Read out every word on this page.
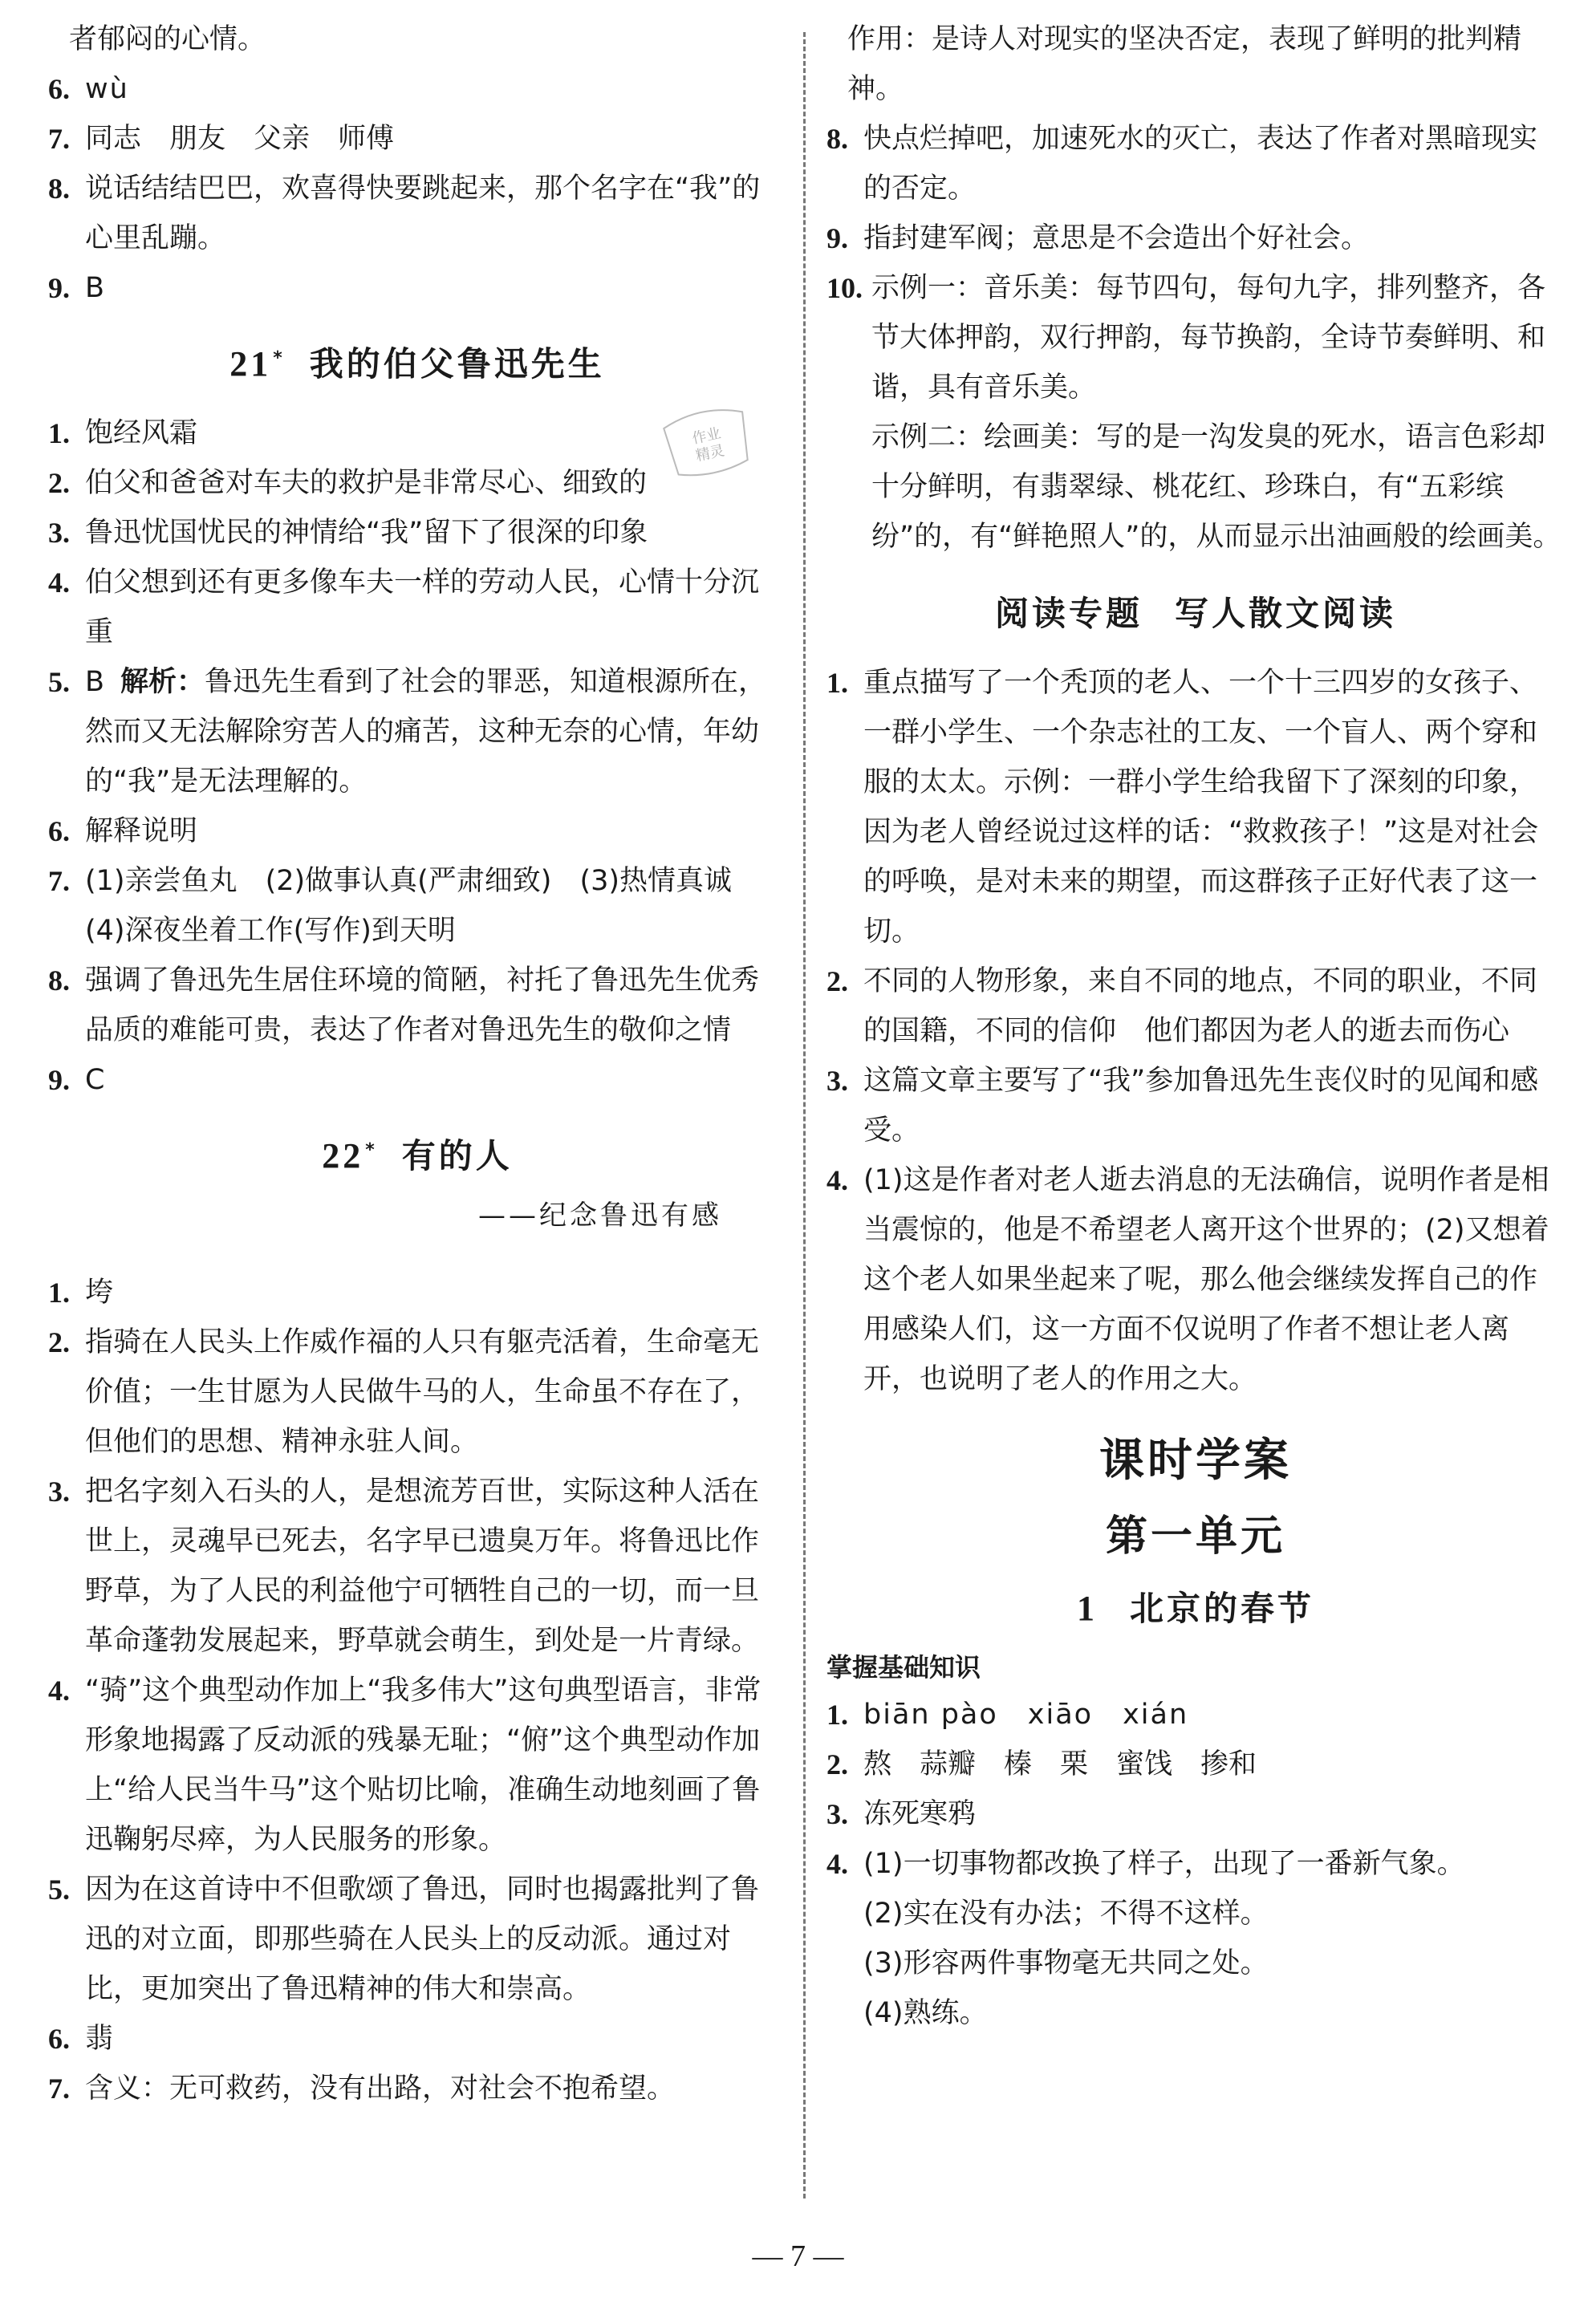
者郁闷的心情。

6. wù

7. 同志　朋友　父亲　师傅

8. 说话结结巴巴，欢喜得快要跳起来，那个名字在“我”的心里乱蹦。

9. B

21* 我的伯父鲁迅先生

1. 饱经风霜

2. 伯父和爸爸对车夫的救护是非常尽心、细致的

3. 鲁迅忧国忧民的神情给“我”留下了很深的印象

4. 伯父想到还有更多像车夫一样的劳动人民，心情十分沉重

5. B 解析：鲁迅先生看到了社会的罪恶，知道根源所在，然而又无法解除穷苦人的痛苦，这种无奈的心情，年幼的“我”是无法理解的。

6. 解释说明

7. (1)亲尝鱼丸　(2)做事认真(严肃细致)　(3)热情真诚　(4)深夜坐着工作(写作)到天明

8. 强调了鲁迅先生居住环境的简陋，衬托了鲁迅先生优秀品质的难能可贵，表达了作者对鲁迅先生的敬仰之情

9. C

22* 有的人
——纪念鲁迅有感

1. 垮

2. 指骑在人民头上作威作福的人只有躯壳活着，生命毫无价值；一生甘愿为人民做牛马的人，生命虽不存在了，但他们的思想、精神永驻人间。

3. 把名字刻入石头的人，是想流芳百世，实际这种人活在世上，灵魂早已死去，名字早已遗臭万年。将鲁迅比作野草，为了人民的利益他宁可牺牲自己的一切，而一旦革命蓬勃发展起来，野草就会萌生，到处是一片青绿。

4. “骑”这个典型动作加上“我多伟大”这句典型语言，非常形象地揭露了反动派的残暴无耻；“俯”这个典型动作加上“给人民当牛马”这个贴切比喻，准确生动地刻画了鲁迅鞠躬尽瘁，为人民服务的形象。

5. 因为在这首诗中不但歌颂了鲁迅，同时也揭露批判了鲁迅的对立面，即那些骑在人民头上的反动派。通过对比，更加突出了鲁迅精神的伟大和崇高。

6. 翡

7. 含义：无可救药，没有出路，对社会不抱希望。

作用：是诗人对现实的坚决否定，表现了鲜明的批判精神。

8. 快点烂掉吧，加速死水的灭亡，表达了作者对黑暗现实的否定。

9. 指封建军阀；意思是不会造出个好社会。

10. 示例一：音乐美：每节四句，每句九字，排列整齐，各节大体押韵，双行押韵，每节换韵，全诗节奏鲜明、和谐，具有音乐美。

示例二：绘画美：写的是一沟发臭的死水，语言色彩却十分鲜明，有翡翠绿、桃花红、珍珠白，有“五彩缤纷”的，有“鲜艳照人”的，从而显示出油画般的绘画美。

阅读专题 写人散文阅读

1. 重点描写了一个秃顶的老人、一个十三四岁的女孩子、一群小学生、一个杂志社的工友、一个盲人、两个穿和服的太太。示例：一群小学生给我留下了深刻的印象，因为老人曾经说过这样的话：“救救孩子！”这是对社会的呼唤，是对未来的期望，而这群孩子正好代表了这一切。

2. 不同的人物形象，来自不同的地点，不同的职业，不同的国籍，不同的信仰　他们都因为老人的逝去而伤心

3. 这篇文章主要写了“我”参加鲁迅先生丧仪时的见闻和感受。

4. (1)这是作者对老人逝去消息的无法确信，说明作者是相当震惊的，他是不希望老人离开这个世界的；(2)又想着这个老人如果坐起来了呢，那么他会继续发挥自己的作用感染人们，这一方面不仅说明了作者不想让老人离开，也说明了老人的作用之大。

课时学案
第一单元
1 北京的春节
掌握基础知识

1. biān pào　xiāo　xián

2. 熬　蒜瓣　榛　栗　蜜饯　掺和

3. 冻死寒鸦

4. (1)一切事物都改换了样子，出现了一番新气象。

(2)实在没有办法；不得不这样。

(3)形容两件事物毫无共同之处。

(4)熟练。

作业
精灵
— 7 —
